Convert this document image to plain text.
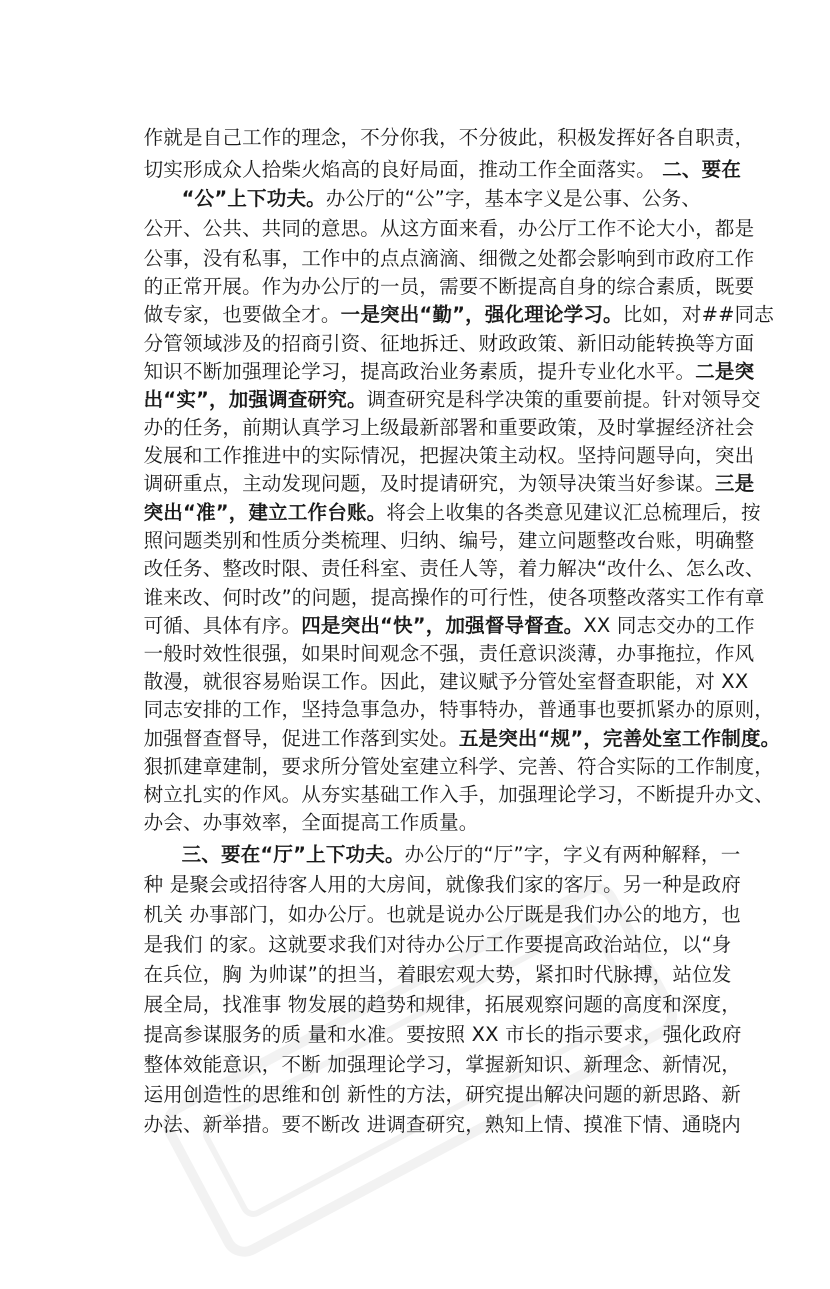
作就是自己工作的理念，不分你我，不分彼此，积极发挥好各自职责，

切实形成众人拾柴火焰高的良好局面，推动工作全面落实。 二、要在

“公”上下功夫。办公厅的“公”字，基本字义是公事、公务、

公开、公共、共同的意思。从这方面来看，办公厅工作不论大小，都是

公事，没有私事，工作中的点点滴滴、细微之处都会影响到市政府工作

的正常开展。作为办公厅的一员，需要不断提高自身的综合素质，既要

做专家，也要做全才。一是突出“勤”，强化理论学习。比如，对##同志

分管领域涉及的招商引资、征地拆迁、财政政策、新旧动能转换等方面

知识不断加强理论学习，提高政治业务素质，提升专业化水平。二是突

出“实”，加强调查研究。调查研究是科学决策的重要前提。针对领导交

办的任务，前期认真学习上级最新部署和重要政策，及时掌握经济社会

发展和工作推进中的实际情况，把握决策主动权。坚持问题导向，突出

调研重点，主动发现问题，及时提请研究，为领导决策当好参谋。三是

突出“准”，建立工作台账。将会上收集的各类意见建议汇总梳理后，按

照问题类别和性质分类梳理、归纳、编号，建立问题整改台账，明确整

改任务、整改时限、责任科室、责任人等，着力解决“改什么、怎么改、

谁来改、何时改”的问题，提高操作的可行性，使各项整改落实工作有章

可循、具体有序。四是突出“快”，加强督导督查。XX 同志交办的工作

一般时效性很强，如果时间观念不强，责任意识淡薄，办事拖拉，作风

散漫，就很容易贻误工作。因此，建议赋予分管处室督查职能，对 XX

同志安排的工作，坚持急事急办，特事特办，普通事也要抓紧办的原则，

加强督查督导，促进工作落到实处。五是突出“规”，完善处室工作制度。

狠抓建章建制，要求所分管处室建立科学、完善、符合实际的工作制度，

树立扎实的作风。从夯实基础工作入手，加强理论学习，不断提升办文、

办会、办事效率，全面提高工作质量。

三、要在“厅”上下功夫。办公厅的“厅”字，字义有两种解释，一

种 是聚会或招待客人用的大房间，就像我们家的客厅。另一种是政府

机关 办事部门，如办公厅。也就是说办公厅既是我们办公的地方，也

是我们 的家。这就要求我们对待办公厅工作要提高政治站位，以“身

在兵位，胸 为帅谋”的担当，着眼宏观大势，紧扣时代脉搏，站位发

展全局，找准事 物发展的趋势和规律，拓展观察问题的高度和深度，

提高参谋服务的质 量和水准。要按照 XX 市长的指示要求，强化政府

整体效能意识，不断 加强理论学习，掌握新知识、新理念、新情况，

运用创造性的思维和创 新性的方法，研究提出解决问题的新思路、新

办法、新举措。要不断改 进调查研究，熟知上情、摸准下情、通晓内
